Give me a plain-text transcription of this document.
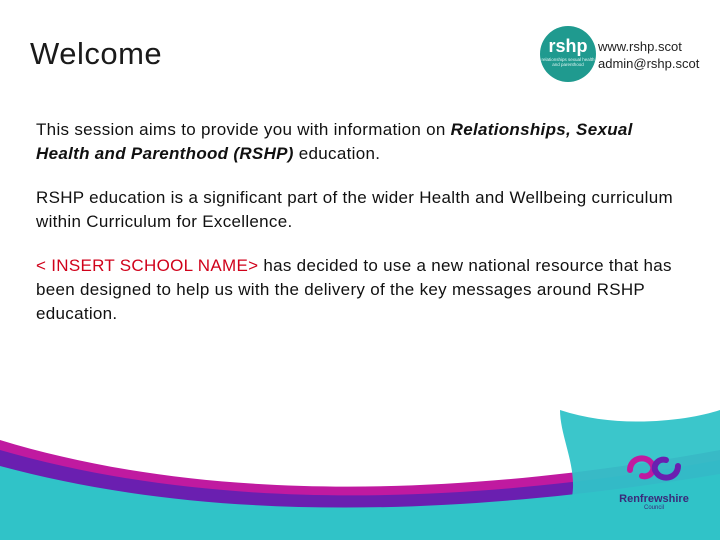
Welcome	rshp
relationships sexual health and parenthood
www.rshp.scot
admin@rshp.scot

This session aims to provide you with information on Relationships, Sexual Health and Parenthood (RSHP) education.

RSHP education is a significant part of the wider Health and Wellbeing curriculum within Curriculum for Excellence.

< INSERT SCHOOL NAME> has decided to use a new national resource that has been designed to help us with the delivery of the key messages around RSHP education.

Renfrewshire
Council
